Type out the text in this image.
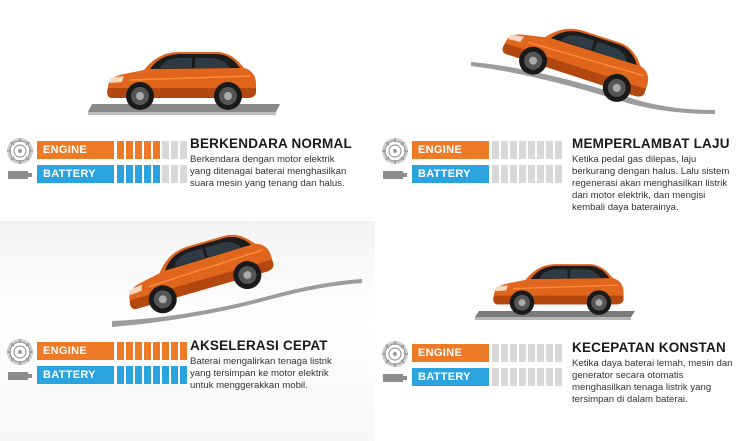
ENGINE
BATTERY
BERKENDARA NORMAL
Berkendara dengan motor elektrik
yang ditenagai baterai menghasilkan
suara mesin yang tenang dan halus.
ENGINE
BATTERY
MEMPERLAMBAT LAJU
Ketika pedal gas dilepas, laju
berkurang dengan halus. Lalu sistem
regenerasi akan menghasilkan listrik
dari motor elektrik, dan mengisi
kembali daya baterainya.
ENGINE
BATTERY
AKSELERASI CEPAT
Baterai mengalirkan tenaga listrik
yang tersimpan ke motor elektrik
untuk menggerakkan mobil.
ENGINE
BATTERY
KECEPATAN KONSTAN
Ketika daya baterai lemah, mesin dan
generator secara otomatis
menghasilkan tenaga listrik yang
tersimpan di dalam baterai.
